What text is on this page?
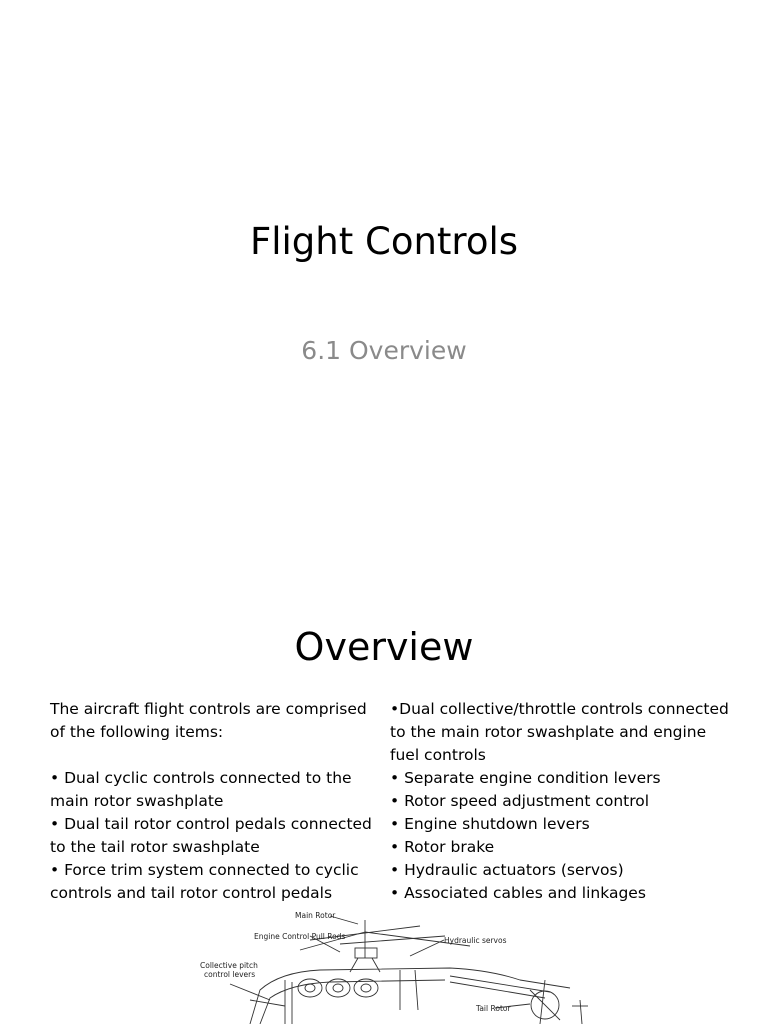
Flight Controls
6.1 Overview
Overview

The aircraft flight controls are comprised of the following items:

• Dual cyclic controls connected to the main rotor swashplate

• Dual tail rotor control pedals connected to the tail rotor swashplate

• Force trim system connected to cyclic controls and tail rotor control pedals

•Dual collective/throttle controls connected to the main rotor swashplate and engine fuel controls

• Separate engine condition levers

• Rotor speed adjustment control

• Engine shutdown levers

• Rotor brake

• Hydraulic actuators (servos)

• Associated cables and linkages

Main Rotor
Engine Control Pull Rods	Hydraulic servos
Collective pitch
control levers
Tail Rotor
